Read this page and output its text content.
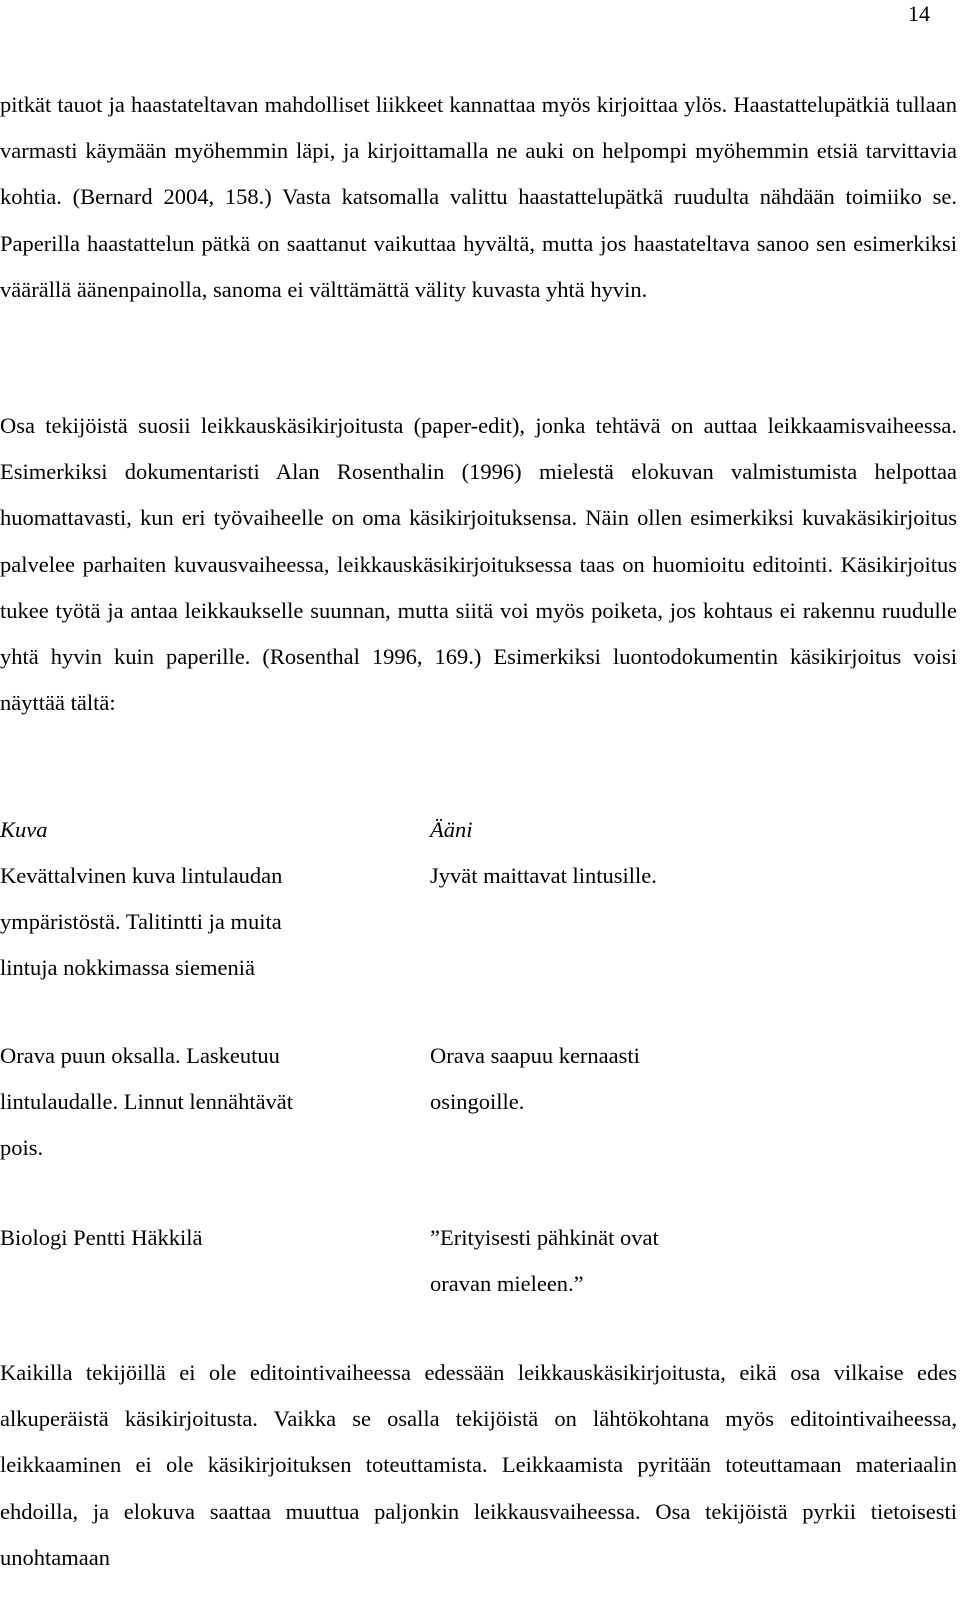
14

pitkät tauot ja haastateltavan mahdolliset liikkeet kannattaa myös kirjoittaa ylös. Haastattelupätkiä tullaan varmasti käymään myöhemmin läpi, ja kirjoittamalla ne auki on helpompi myöhemmin etsiä tarvittavia kohtia. (Bernard 2004, 158.) Vasta katsomalla valittu haastattelupätkä ruudulta nähdään toimiiko se. Paperilla haastattelun pätkä on saattanut vaikuttaa hyvältä, mutta jos haastateltava sanoo sen esimerkiksi väärällä äänenpainolla, sanoma ei välttämättä välity kuvasta yhtä hyvin.

Osa tekijöistä suosii leikkauskäsikirjoitusta (paper-edit), jonka tehtävä on auttaa leikkaamisvaiheessa. Esimerkiksi dokumentaristi Alan Rosenthalin (1996) mielestä elokuvan valmistumista helpottaa huomattavasti, kun eri työvaiheelle on oma käsikirjoituksensa. Näin ollen esimerkiksi kuvakäsikirjoitus palvelee parhaiten kuvausvaiheessa, leikkauskäsikirjoituksessa taas on huomioitu editointi. Käsikirjoitus tukee työtä ja antaa leikkaukselle suunnan, mutta siitä voi myös poiketa, jos kohtaus ei rakennu ruudulle yhtä hyvin kuin paperille. (Rosenthal 1996, 169.) Esimerkiksi luontodokumentin käsikirjoitus voisi näyttää tältä:

Kuva	Ääni
Kevättalvinen kuva lintulaudan
ympäristöstä. Talitintti ja muita
lintuja nokkimassa siemeniä
Jyvät maittavat lintusille.
Orava puun oksalla. Laskeutuu
lintulaudalle. Linnut lennähtävät
pois.
Orava saapuu kernaasti
osingoille.
Biologi Pentti Häkkilä	”Erityisesti pähkinät ovat
oravan mieleen.”

Kaikilla tekijöillä ei ole editointivaiheessa edessään leikkauskäsikirjoitusta, eikä osa vilkaise edes alkuperäistä käsikirjoitusta. Vaikka se osalla tekijöistä on lähtökohtana myös editointivaiheessa, leikkaaminen ei ole käsikirjoituksen toteuttamista. Leikkaamista pyritään toteuttamaan materiaalin ehdoilla, ja elokuva saattaa muuttua paljonkin leikkausvaiheessa. Osa tekijöistä pyrkii tietoisesti unohtamaan
